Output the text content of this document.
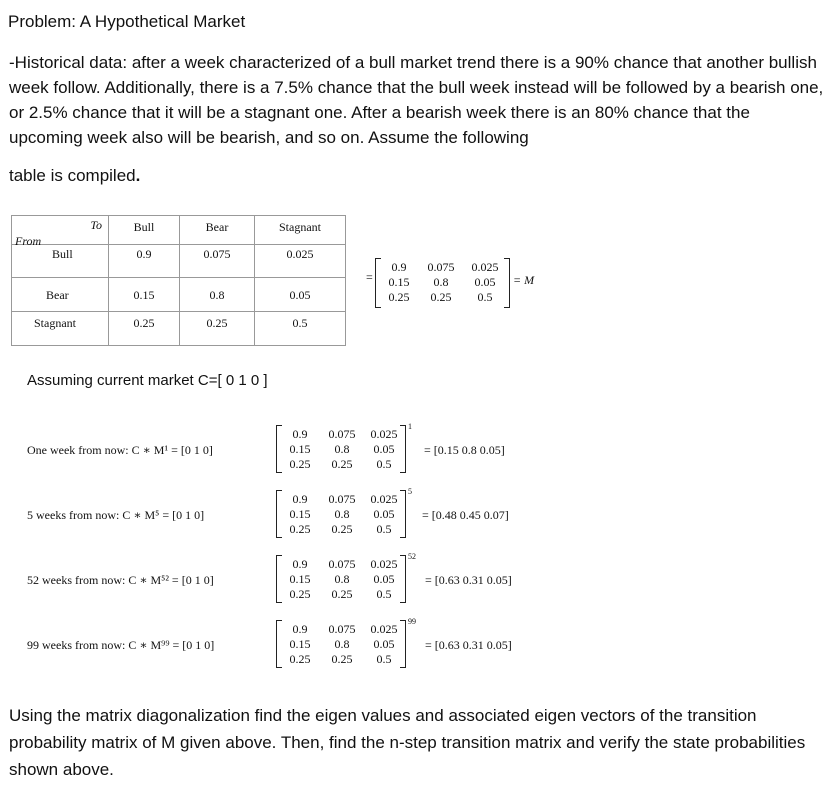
Problem: A Hypothetical Market

-Historical data: after a week characterized of a bull market trend there is a 90% chance that another bullish week follow. Additionally, there is a 7.5% chance that the bull week instead will be followed by a bearish one, or 2.5% chance that it will be a stagnant one. After a bearish week there is an 80% chance that the upcoming week also will be bearish, and so on. Assume the following

table is compiled.
To
From	Bull	Bear	Stagnant

Bull	0.9	0.075	0.025

Bear	0.15	0.8	0.05

Stagnant	0.25	0.25	0.5
=
0.9	0.075	0.025
0.15	0.8	0.05
0.25	0.25	0.5
= M
Assuming current market C=[ 0 1 0 ]
One week from now: C ∗ M¹ = [0 1 0]
0.9	0.075	0.025
0.15	0.8	0.05
0.25	0.25	0.5
1
= [0.15 0.8 0.05]
5 weeks from now: C ∗ M⁵ = [0 1 0]
0.9	0.075	0.025
0.15	0.8	0.05
0.25	0.25	0.5
5
= [0.48 0.45 0.07]
52 weeks from now: C ∗ M⁵² = [0 1 0]
0.9	0.075	0.025
0.15	0.8	0.05
0.25	0.25	0.5
52
= [0.63 0.31 0.05]
99 weeks from now: C ∗ M⁹⁹ = [0 1 0]
0.9	0.075	0.025
0.15	0.8	0.05
0.25	0.25	0.5
99
= [0.63 0.31 0.05]

Using the matrix diagonalization find the eigen values and associated eigen vectors of the transition probability matrix of M given above. Then, find the n-step transition matrix and verify the state probabilities shown above.
